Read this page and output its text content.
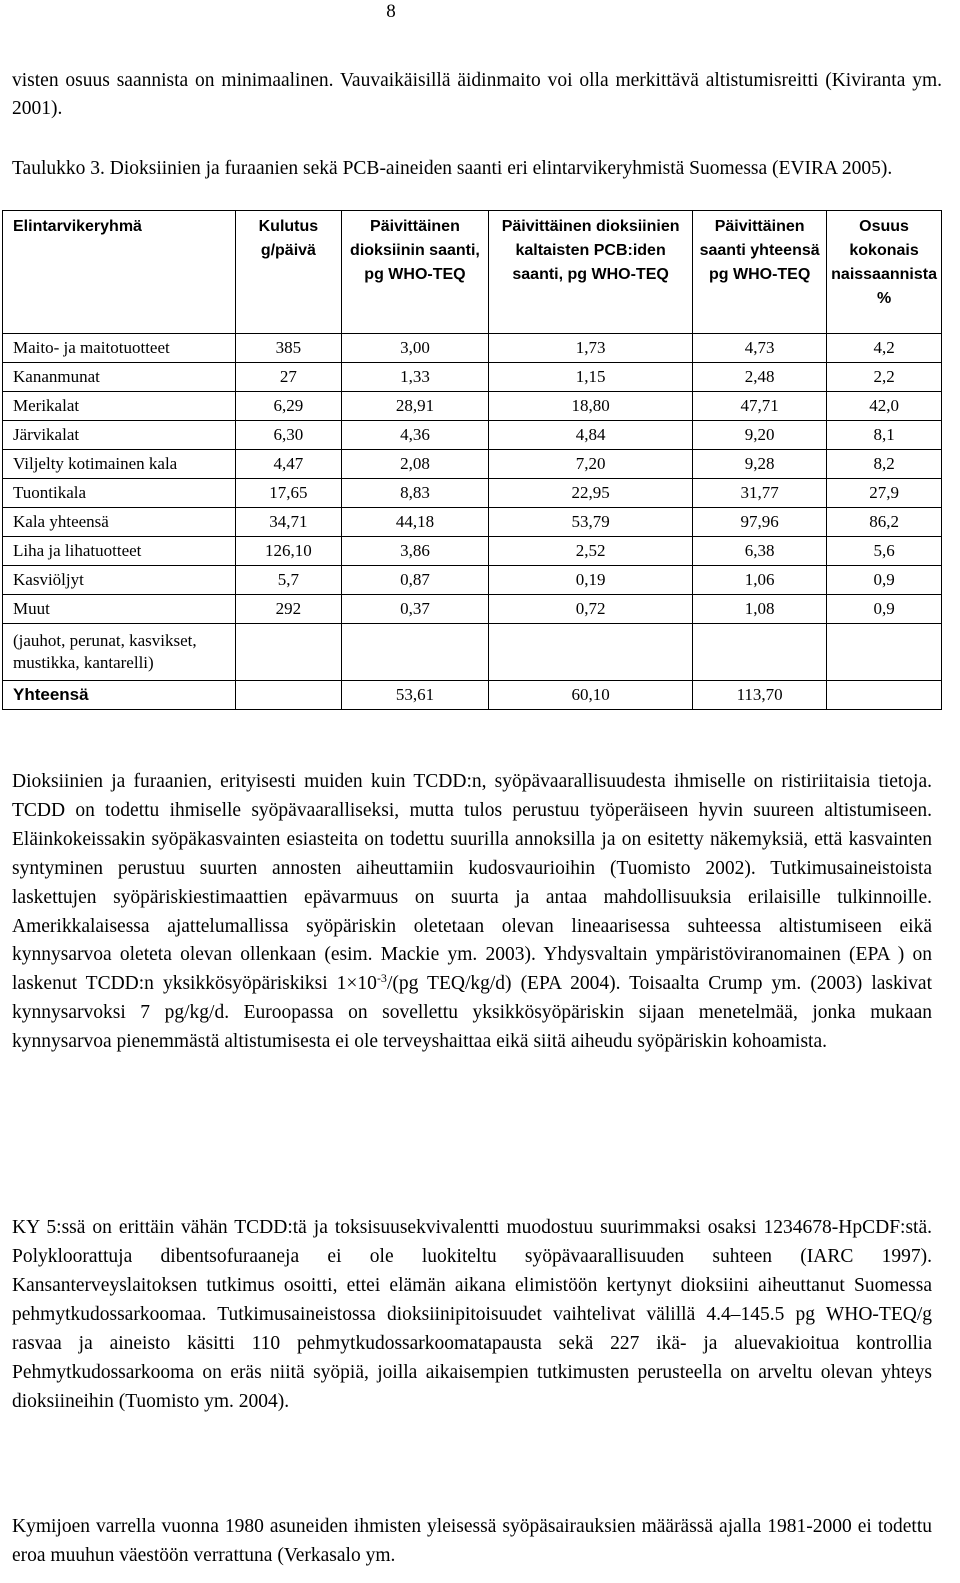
8

visten osuus saannista on minimaalinen. Vauvaikäisillä äidinmaito voi olla merkittävä altistumisreitti (Kiviranta ym. 2001).

Taulukko 3. Dioksiinien ja furaanien sekä PCB-aineiden saanti eri elintarvikeryhmistä Suomessa (EVIRA 2005).

Elintarvikeryhmä	Kulutus g/päivä	Päivittäinen dioksiinin saanti, pg WHO-TEQ	Päivittäinen dioksiinien kaltaisten PCB:iden saanti, pg WHO-TEQ	Päivittäinen saanti yhteensä pg WHO-TEQ	Osuus kokonais naissaannista %
Maito- ja maitotuotteet	385	3,00	1,73	4,73	4,2
Kananmunat	27	1,33	1,15	2,48	2,2
Merikalat	6,29	28,91	18,80	47,71	42,0
Järvikalat	6,30	4,36	4,84	9,20	8,1
Viljelty kotimainen kala	4,47	2,08	7,20	9,28	8,2
Tuontikala	17,65	8,83	22,95	31,77	27,9
Kala yhteensä	34,71	44,18	53,79	97,96	86,2
Liha ja lihatuotteet	126,10	3,86	2,52	6,38	5,6
Kasviöljyt	5,7	0,87	0,19	1,06	0,9
Muut	292	0,37	0,72	1,08	0,9
(jauhot, perunat, kasvikset, mustikka, kantarelli)					
Yhteensä		53,61	60,10	113,70	

Dioksiinien ja furaanien, erityisesti muiden kuin TCDD:n, syöpävaarallisuudesta ihmiselle on ristiriitaisia tietoja. TCDD on todettu ihmiselle syöpävaaralliseksi, mutta tulos perustuu työperäiseen hyvin suureen altistumiseen. Eläinkokeissakin syöpäkasvainten esiasteita on todettu suurilla annoksilla ja on esitetty näkemyksiä, että kasvainten syntyminen perustuu suurten annosten aiheuttamiin kudosvaurioihin (Tuomisto 2002). Tutkimusaineistoista laskettujen syöpäriskiestimaattien epävarmuus on suurta ja antaa mahdollisuuksia erilaisille tulkinnoille. Amerikkalaisessa ajattelumallissa syöpäriskin oletetaan olevan lineaarisessa suhteessa altistumiseen eikä kynnysarvoa oleteta olevan ollenkaan (esim. Mackie ym. 2003). Yhdysvaltain ympäristöviranomainen (EPA ) on laskenut TCDD:n yksikkösyöpäriskiksi $1\times 10^{-3}/(pg$ TEQ/kg/d) (EPA 2004). Toisaalta Crump ym. (2003) laskivat kynnysarvoksi 7 pg/kg/d. Euroopassa on sovellettu yksikkösyöpäriskin sijaan menetelmää, jonka mukaan kynnysarvoa pienemmästä altistumisesta ei ole terveyshaittaa eikä siitä aiheudu syöpäriskin kohoamista.

KY 5:ssä on erittäin vähän TCDD:tä ja toksisuusekvivalentti muodostuu suurimmaksi osaksi 1234678-HpCDF:stä. Polykloorattuja dibentsofuraaneja ei ole luokiteltu syöpävaarallisuuden suhteen (IARC 1997). Kansanterveyslaitoksen tutkimus osoitti, ettei elämän aikana elimistöön kertynyt dioksiini aiheuttanut Suomessa pehmytkudossarkoomaa. Tutkimusaineistossa dioksiinipitoisuudet vaihtelivat välillä 4.4–145.5 pg WHO-TEQ/g rasvaa ja aineisto käsitti 110 pehmytkudossarkoomatapausta sekä 227 ikä- ja aluevakioitua kontrollia Pehmytkudossarkooma on eräs niitä syöpiä, joilla aikaisempien tutkimusten perusteella on arveltu olevan yhteys dioksiineihin (Tuomisto ym. 2004).

Kymijoen varrella vuonna 1980 asuneiden ihmisten yleisessä syöpäsairauksien määrässä ajalla 1981-2000 ei todettu eroa muuhun väestöön verrattuna (Verkasalo ym.
